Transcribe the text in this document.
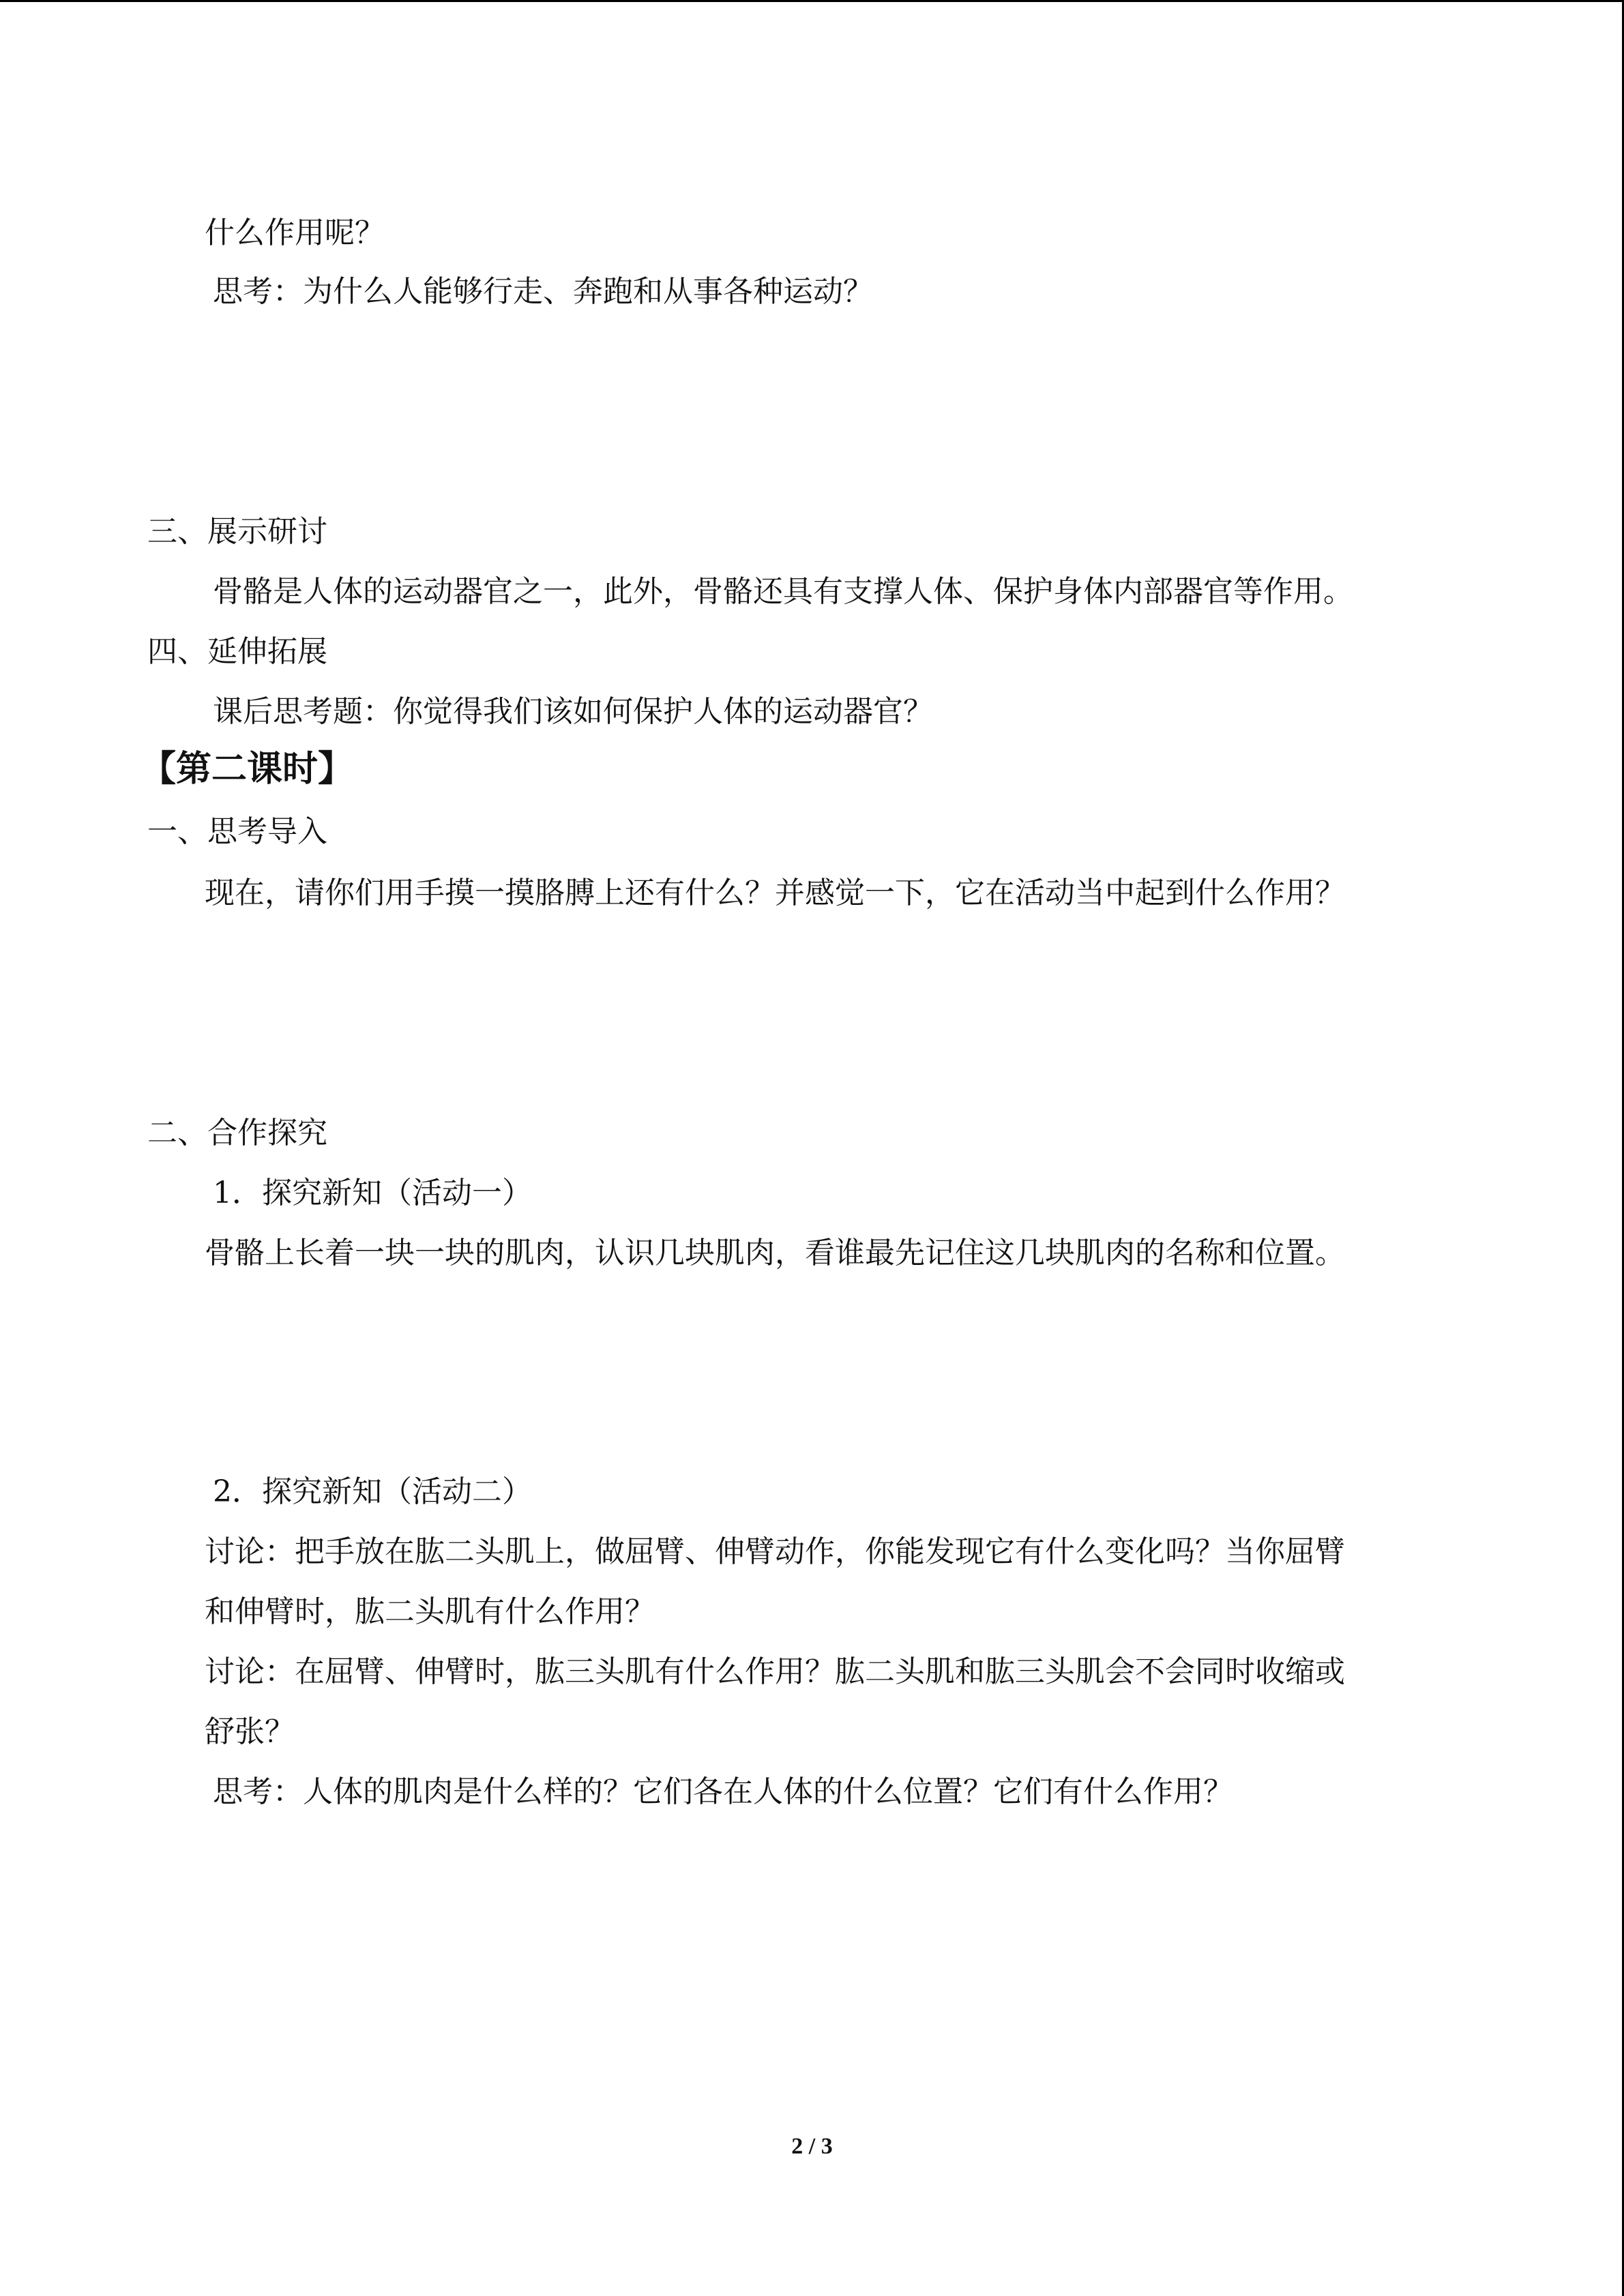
什么作用呢？
思考：为什么人能够行走、奔跑和从事各种运动？
三、展示研讨
骨骼是人体的运动器官之一，此外，骨骼还具有支撑人体、保护身体内部器官等作用。
四、延伸拓展
课后思考题：你觉得我们该如何保护人体的运动器官？
【第二课时】
一、思考导入
现在，请你们用手摸一摸胳膊上还有什么？并感觉一下，它在活动当中起到什么作用？
二、合作探究
1．探究新知（活动一）
骨骼上长着一块一块的肌肉，认识几块肌肉，看谁最先记住这几块肌肉的名称和位置。
2．探究新知（活动二）
讨论：把手放在肱二头肌上，做屈臂、伸臂动作，你能发现它有什么变化吗？当你屈臂
和伸臂时，肱二头肌有什么作用？
讨论：在屈臂、伸臂时，肱三头肌有什么作用？肱二头肌和肱三头肌会不会同时收缩或
舒张？
思考：人体的肌肉是什么样的？它们各在人体的什么位置？它们有什么作用？
2 / 3
